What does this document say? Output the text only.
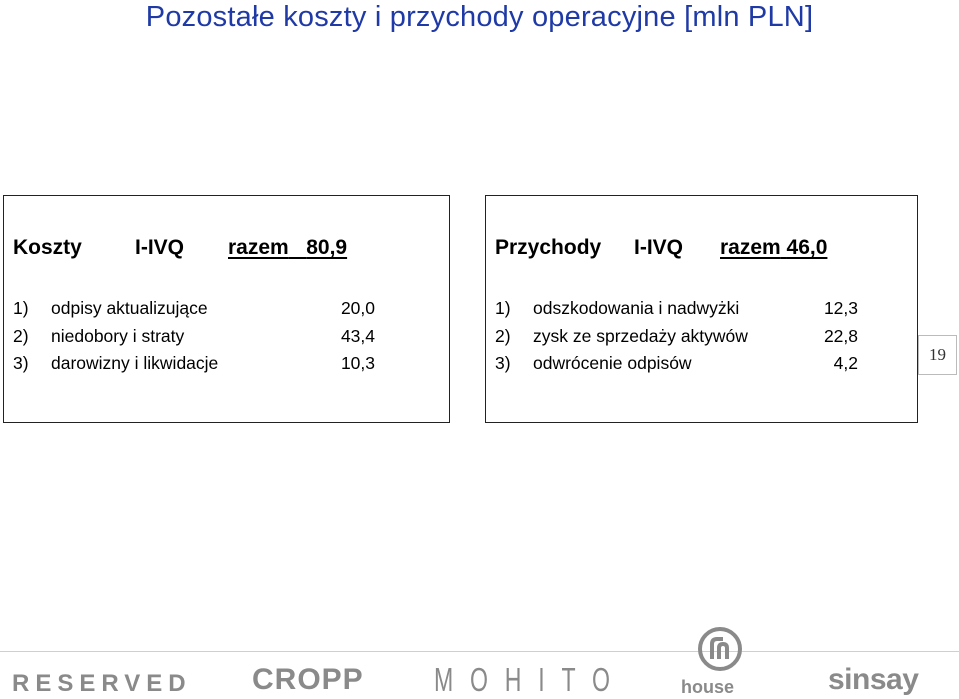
Pozostałe koszty i przychody operacyjne [mln PLN]
Koszty	I-IVQ razem 80,9
1) odpisy aktualizujące	20,0
2) niedobory i straty	43,4
3) darowizny i likwidacje	10,3
Przychody I-IVQ razem 46,0
1) odszkodowania i nadwyżki	12,3
2) zysk ze sprzedaży aktywów	22,8
3) odwrócenie odpisów	4,2	19
RESERVED CROPP MOHITO	house	sinsay
